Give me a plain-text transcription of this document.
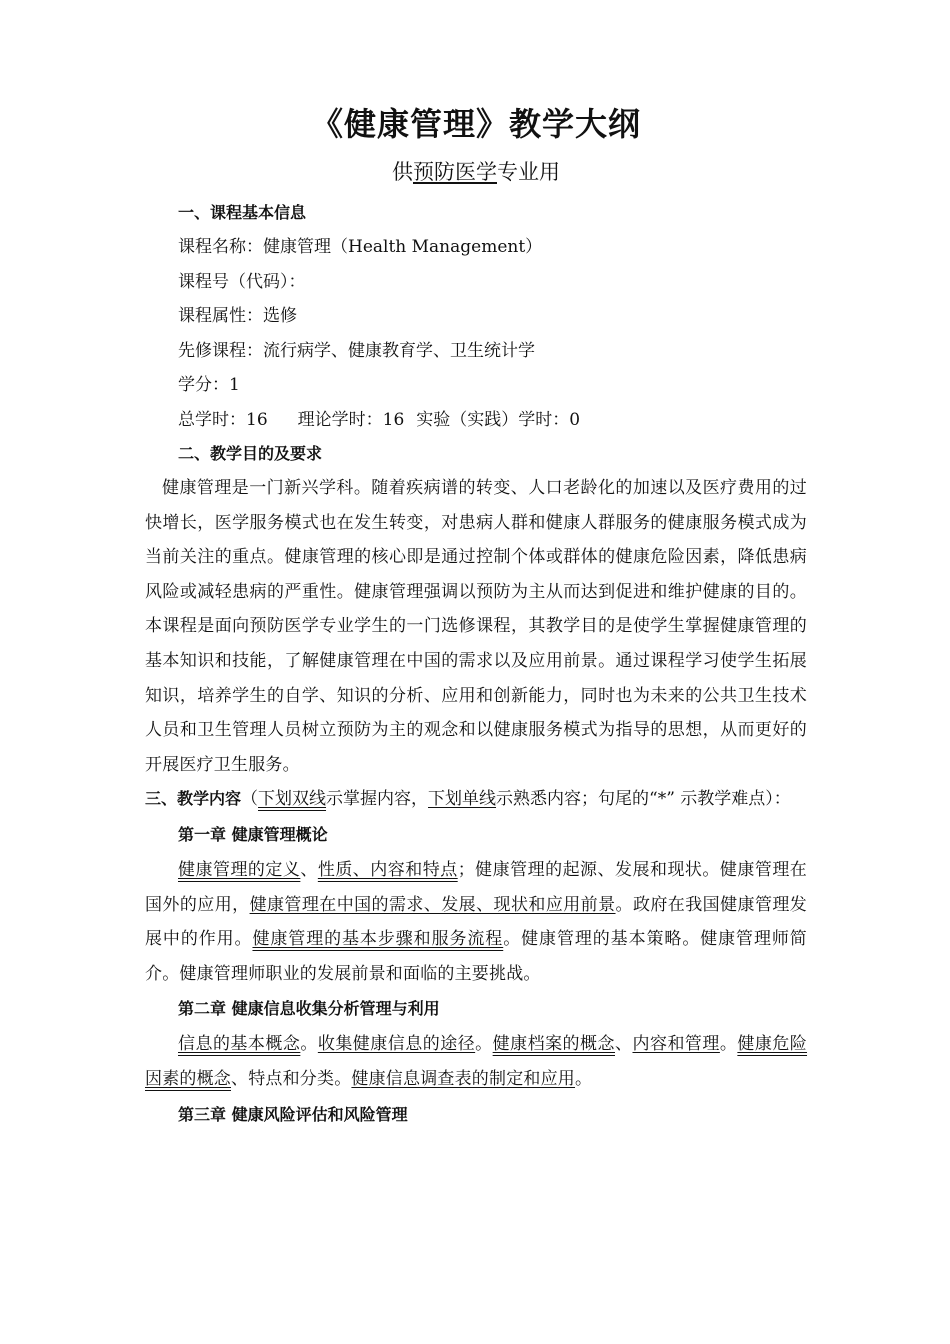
《健康管理》教学大纲
供预防医学专业用
一、课程基本信息
课程名称：健康管理（Health Management）
课程号（代码）：
课程属性：选修
先修课程：流行病学、健康教育学、卫生统计学
学分：1
总学时：16 理论学时：16 实验（实践）学时：0
二、教学目的及要求
健康管理是一门新兴学科。随着疾病谱的转变、人口老龄化的加速以及医疗费用的过快增长，医学服务模式也在发生转变，对患病人群和健康人群服务的健康服务模式成为当前关注的重点。健康管理的核心即是通过控制个体或群体的健康危险因素，降低患病风险或减轻患病的严重性。健康管理强调以预防为主从而达到促进和维护健康的目的。本课程是面向预防医学专业学生的一门选修课程，其教学目的是使学生掌握健康管理的基本知识和技能，了解健康管理在中国的需求以及应用前景。通过课程学习使学生拓展知识，培养学生的自学、知识的分析、应用和创新能力，同时也为未来的公共卫生技术人员和卫生管理人员树立预防为主的观念和以健康服务模式为指导的思想，从而更好的开展医疗卫生服务。
三、教学内容（下划双线示掌握内容，下划单线示熟悉内容；句尾的“*” 示教学难点）：
第一章 健康管理概论
健康管理的定义、性质、内容和特点；健康管理的起源、发展和现状。健康管理在国外的应用，健康管理在中国的需求、发展、现状和应用前景。政府在我国健康管理发展中的作用。健康管理的基本步骤和服务流程。健康管理的基本策略。健康管理师简介。健康管理师职业的发展前景和面临的主要挑战。
第二章 健康信息收集分析管理与利用
信息的基本概念。收集健康信息的途径。健康档案的概念、内容和管理。健康危险因素的概念、特点和分类。健康信息调查表的制定和应用。
第三章 健康风险评估和风险管理
